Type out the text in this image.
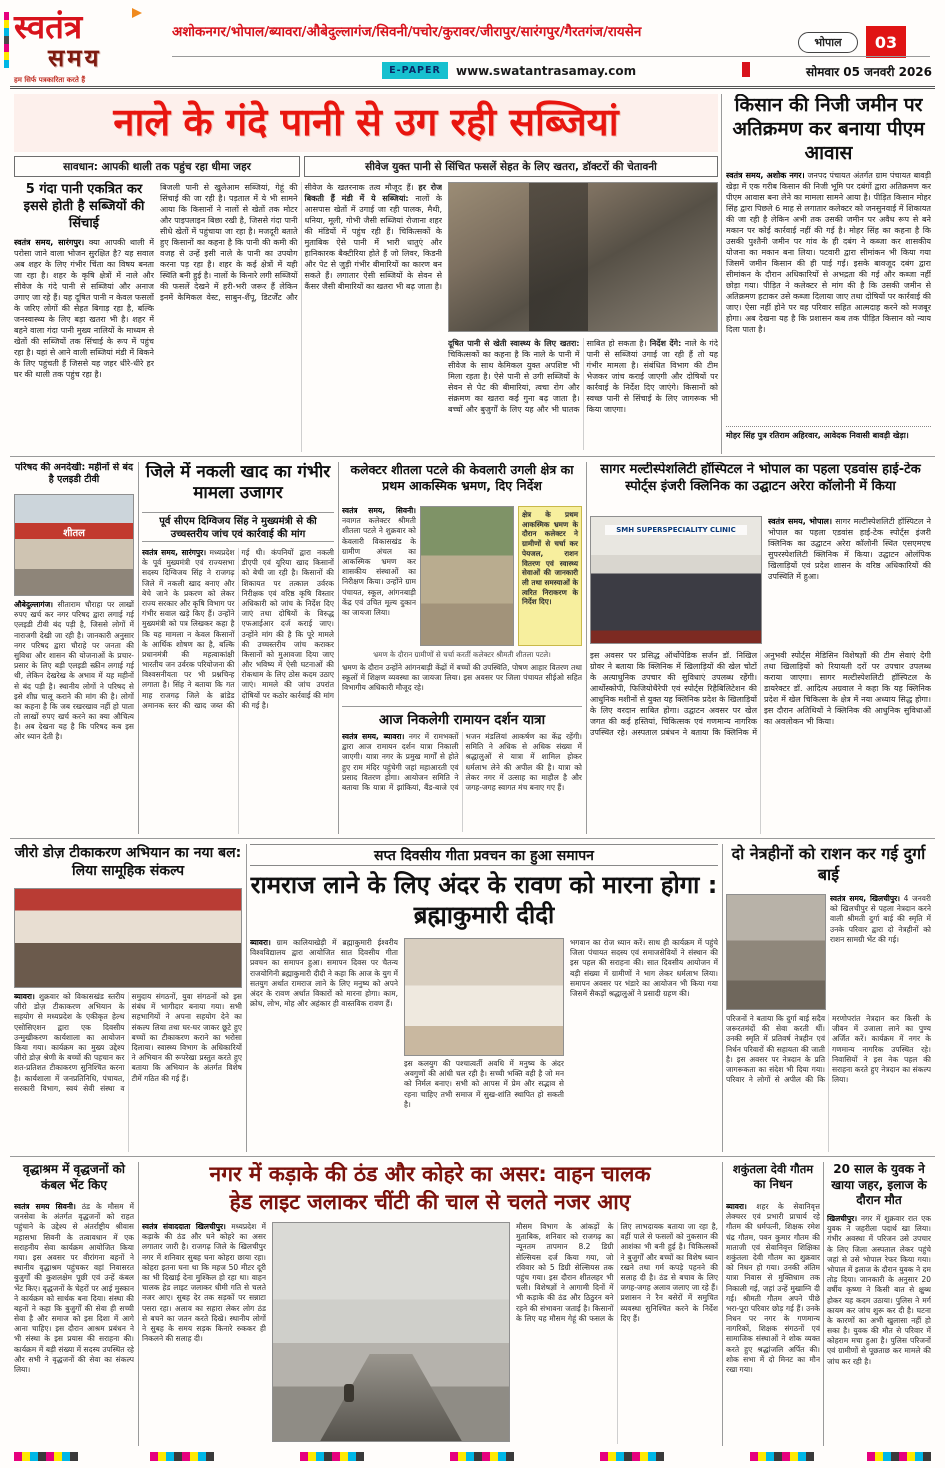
स्वतंत्र
समय
हम सिर्फ पत्रकारिता करते हैं
अशोकनगर/भोपाल/ब्यावरा/औबेदुल्लागंज/सिवनी/पचोर/कुरावर/जीरापुर/सारंगपुर/गैरतगंज/रायसेन
भोपाल	03
E-PAPER	www.swatantrasamay.com	सोमवार 05 जनवरी 2026
नाले के गंदे पानी से उग रही सब्जियां
सावधान: आपकी थाली तक पहुंच रहा धीमा जहर	सीवेज युक्त पानी से सिंचित फसलें सेहत के लिए खतरा, डॉक्टरों की चेतावनी
5 गंदा पानी एकत्रित कर इससे होती है सब्जियों की सिंचाई
स्वतंत्र समय, सारंगपुर। क्या आपकी थाली में परोसा जाने वाला भोजन सुरक्षित है? यह सवाल अब शहर के लिए गंभीर चिंता का विषय बनता जा रहा है। शहर के कृषि क्षेत्रों में नाले और सीवेज के गंदे पानी से सब्जियां और अनाज उगाए जा रहे हैं। यह दूषित पानी न केवल फसलों के जरिए लोगों की सेहत बिगाड़ रहा है, बल्कि जनस्वास्थ्य के लिए बड़ा खतरा भी है। शहर में बहने वाला गंदा पानी मुख्य नालियों के माध्यम से खेतों की सब्जियों तक सिंचाई के रूप में पहुंच रहा है। यहां से आने वाली सब्जियां मंडी में बिकने के लिए पहुंचती हैं जिससे यह जहर धीरे-धीरे हर घर की थाली तक पहुंच रहा है।
बिजली पानी से खुलेआम सब्जियां, गेहूं की सिंचाई की जा रही है। पड़ताल में ये भी सामने आया कि किसानों ने नालों से खेतों तक मोटर और पाइपलाइन बिछा रखी है, जिससे गंदा पानी सीधे खेतों में पहुंचाया जा रहा है। मजदूरी बताते हुए किसानों का कहना है कि पानी की कमी की वजह से उन्हें इसी नाले के पानी का उपयोग करना पड़ रहा है। शहर के कई क्षेत्रों में यही स्थिति बनी हुई है। नालों के किनारे लगी सब्जियों की फसलें देखने में हरी-भरी जरूर हैं लेकिन इनमें केमिकल वेस्ट, साबुन-शैंपू, डिटर्जेंट और सीवेज के खतरनाक तत्व मौजूद हैं। हर रोज बिकती हैं मंडी में ये सब्जियां: नालों के आसपास खेतों में उगाई जा रही पालक, मैथी, धनिया, मूली, गोभी जैसी सब्जियां रोजाना शहर की मंडियों में पहुंच रही हैं। चिकित्सकों के मुताबिक ऐसे पानी में भारी धातुएं और हानिकारक बैक्टीरिया होते हैं जो लिवर, किडनी और पेट से जुड़ी गंभीर बीमारियों का कारण बन सकते हैं। लगातार ऐसी सब्जियों के सेवन से कैंसर जैसी बीमारियों का खतरा भी बढ़ जाता है।
दूषित पानी से खेती स्वास्थ्य के लिए खतरा: चिकित्सकों का कहना है कि नाले के पानी में सीवेज के साथ केमिकल युक्त अपशिष्ट भी मिला रहता है। ऐसे पानी से उगी सब्जियों के सेवन से पेट की बीमारियां, त्वचा रोग और संक्रमण का खतरा कई गुना बढ़ जाता है। बच्चों और बुजुर्गों के लिए यह और भी घातक साबित हो सकता है। निर्देश देंगे: नाले के गंदे पानी से सब्जियां उगाई जा रही हैं तो यह गंभीर मामला है। संबंधित विभाग की टीम भेजकर जांच कराई जाएगी और दोषियों पर कार्रवाई के निर्देश दिए जाएंगे। किसानों को स्वच्छ पानी से सिंचाई के लिए जागरूक भी किया जाएगा।
किसान की निजी जमीन पर अतिक्रमण कर बनाया पीएम आवास
स्वतंत्र समय, अशोक नगर। जनपद पंचायत अंतर्गत ग्राम पंचायत बावड़ी खेड़ा में एक गरीब किसान की निजी भूमि पर दबंगों द्वारा अतिक्रमण कर पीएम आवास बना लेने का मामला सामने आया है। पीड़ित किसान मोहर सिंह द्वारा पिछले 6 माह से लगातार कलेक्टर को जनसुनवाई में शिकायत की जा रही है लेकिन अभी तक उसकी जमीन पर अवैध रूप से बने मकान पर कोई कार्रवाई नहीं की गई है। मोहर सिंह का कहना है कि उसकी पुश्तैनी जमीन पर गांव के ही दबंग ने कब्जा कर शासकीय योजना का मकान बना लिया। पटवारी द्वारा सीमांकन भी किया गया जिसमें जमीन किसान की ही पाई गई। इसके बावजूद दबंग द्वारा सीमांकन के दौरान अधिकारियों से अभद्रता की गई और कब्जा नहीं छोड़ा गया। पीड़ित ने कलेक्टर से मांग की है कि उसकी जमीन से अतिक्रमण हटाकर उसे कब्जा दिलाया जाए तथा दोषियों पर कार्रवाई की जाए। ऐसा नहीं होने पर वह परिवार सहित आत्मदाह करने को मजबूर होगा। अब देखना यह है कि प्रशासन कब तक पीड़ित किसान को न्याय दिला पाता है।
मोहर सिंह पुत्र रतिराम अहिरवार, आवेदक निवासी बावड़ी खेड़ा।
परिषद की अनदेखी: महीनों से बंद है एलइडी टीवी
शीतल
औबेदुल्लागंज। सीताराम चौराहा पर लाखों रुपए खर्च कर नगर परिषद द्वारा लगाई गई एलइडी टीवी बंद पड़ी है, जिससे लोगों में नाराजगी देखी जा रही है। जानकारी अनुसार नगर परिषद द्वारा चौराहे पर जनता की सुविधा और शासन की योजनाओं के प्रचार-प्रसार के लिए बड़ी एलइडी स्क्रीन लगाई गई थी, लेकिन देखरेख के अभाव में यह महीनों से बंद पड़ी है। स्थानीय लोगों ने परिषद से इसे शीघ्र चालू कराने की मांग की है। लोगों का कहना है कि जब रखरखाव नहीं हो पाता तो लाखों रुपए खर्च करने का क्या औचित्य है। अब देखना यह है कि परिषद कब इस ओर ध्यान देती है।
जिले में नकली खाद का गंभीर मामला उजागर
पूर्व सीएम दिग्विजय सिंह ने मुख्यमंत्री से की उच्चस्तरीय जांच एवं कार्रवाई की मांग
स्वतंत्र समय, सारंगपुर। मध्यप्रदेश के पूर्व मुख्यमंत्री एवं राज्यसभा सदस्य दिग्विजय सिंह ने राजगढ़ जिले में नकली खाद बनाए और बेचे जाने के प्रकरण को लेकर राज्य सरकार और कृषि विभाग पर गंभीर सवाल खड़े किए हैं। उन्होंने मुख्यमंत्री को पत्र लिखकर कहा है कि यह मामला न केवल किसानों के आर्थिक शोषण का है, बल्कि प्रधानमंत्री की महत्वाकांक्षी भारतीय जन उर्वरक परियोजना की विश्वसनीयता पर भी प्रश्नचिन्ह लगाता है। सिंह ने बताया कि गत माह राजगढ़ जिले के ब्रांडेड अमानक स्तर की खाद जब्त की गई थी। कंपनियों द्वारा नकली डीएपी एवं यूरिया खाद किसानों को बेची जा रही है। किसानों की शिकायत पर तत्काल उर्वरक निरीक्षक एवं वरिष्ठ कृषि विस्तार अधिकारी को जांच के निर्देश दिए जाएं तथा दोषियों के विरुद्ध एफआईआर दर्ज कराई जाए। उन्होंने मांग की है कि पूरे मामले की उच्चस्तरीय जांच कराकर किसानों को मुआवजा दिया जाए और भविष्य में ऐसी घटनाओं की रोकथाम के लिए ठोस कदम उठाए जाएं। मामले की जांच उपरांत दोषियों पर कठोर कार्रवाई की मांग की गई है।
कलेक्टर शीतला पटले की केवलारी उगली क्षेत्र का प्रथम आकस्मिक भ्रमण, दिए निर्देश
स्वतंत्र समय, सिवनी। नवागत कलेक्टर श्रीमती शीतला पटले ने शुक्रवार को केवलारी विकासखंड के ग्रामीण अंचल का आकस्मिक भ्रमण कर शासकीय संस्थाओं का निरीक्षण किया। उन्होंने ग्राम पंचायत, स्कूल, आंगनबाड़ी केंद्र एवं उचित मूल्य दुकान का जायजा लिया।
क्षेत्र के प्रथम आकस्मिक भ्रमण के दौरान कलेक्टर ने ग्रामीणों से चर्चा कर पेयजल, राशन वितरण एवं स्वास्थ्य सेवाओं की जानकारी ली तथा समस्याओं के त्वरित निराकरण के निर्देश दिए।
भ्रमण के दौरान ग्रामीणों से चर्चा करतीं कलेक्टर श्रीमती शीतला पटले।
भ्रमण के दौरान उन्होंने आंगनबाड़ी केंद्रों में बच्चों की उपस्थिति, पोषण आहार वितरण तथा स्कूलों में शिक्षण व्यवस्था का जायजा लिया। इस अवसर पर जिला पंचायत सीईओ सहित विभागीय अधिकारी मौजूद रहे।
आज निकलेगी रामायन दर्शन यात्रा
स्वतंत्र समय, ब्यावरा। नगर में रामभक्तों द्वारा आज रामायन दर्शन यात्रा निकाली जाएगी। यात्रा नगर के प्रमुख मार्गों से होते हुए राम मंदिर पहुंचेगी जहां महाआरती एवं प्रसाद वितरण होगा। आयोजन समिति ने बताया कि यात्रा में झांकियां, बैंड-बाजे एवं भजन मंडलियां आकर्षण का केंद्र रहेंगी। समिति ने अधिक से अधिक संख्या में श्रद्धालुओं से यात्रा में शामिल होकर धर्मलाभ लेने की अपील की है। यात्रा को लेकर नगर में उत्साह का माहौल है और जगह-जगह स्वागत मंच बनाए गए हैं।
सागर मल्टीस्पेशलिटी हॉस्पिटल ने भोपाल का पहला एडवांस हाई-टेक स्पोर्ट्स इंजरी क्लिनिक का उद्घाटन अरेरा कॉलोनी में किया
SMH SUPERSPECIALITY CLINIC
स्वतंत्र समय, भोपाल। सागर मल्टीस्पेशलिटी हॉस्पिटल ने भोपाल का पहला एडवांस हाई-टेक स्पोर्ट्स इंजरी क्लिनिक का उद्घाटन अरेरा कॉलोनी स्थित एसएमएच सुपरस्पेशलिटी क्लिनिक में किया। उद्घाटन ओलंपिक खिलाड़ियों एवं प्रदेश शासन के वरिष्ठ अधिकारियों की उपस्थिति में हुआ।
इस अवसर पर प्रसिद्ध ऑर्थोपेडिक सर्जन डॉ. निखिल ग्रोवर ने बताया कि क्लिनिक में खिलाड़ियों की खेल चोटों के अत्याधुनिक उपचार की सुविधाएं उपलब्ध रहेंगी। आर्थोस्कोपी, फिजियोथैरेपी एवं स्पोर्ट्स रिहैबिलिटेशन की आधुनिक मशीनों से युक्त यह क्लिनिक प्रदेश के खिलाड़ियों के लिए वरदान साबित होगा। उद्घाटन अवसर पर खेल जगत की कई हस्तियां, चिकित्सक एवं गणमान्य नागरिक उपस्थित रहे। अस्पताल प्रबंधन ने बताया कि क्लिनिक में अनुभवी स्पोर्ट्स मेडिसिन विशेषज्ञों की टीम सेवाएं देगी तथा खिलाड़ियों को रियायती दरों पर उपचार उपलब्ध कराया जाएगा। सागर मल्टीस्पेशलिटी हॉस्पिटल के डायरेक्टर डॉ. आदित्य अग्रवाल ने कहा कि यह क्लिनिक प्रदेश में खेल चिकित्सा के क्षेत्र में नया अध्याय सिद्ध होगा। इस दौरान अतिथियों ने क्लिनिक की आधुनिक सुविधाओं का अवलोकन भी किया।
जीरो डोज़ टीकाकरण अभियान का नया बल: लिया सामूहिक संकल्प
ब्यावरा। शुक्रवार को विकासखंड स्तरीय जीरो डोज़ टीकाकरण अभियान के सहयोग से मध्यप्रदेश के एकीकृत हेल्थ एसोसिएशन द्वारा एक दिवसीय उन्मुखीकरण कार्यशाला का आयोजन किया गया। कार्यक्रम का मुख्य उद्देश्य जीरो डोज़ श्रेणी के बच्चों की पहचान कर शत-प्रतिशत टीकाकरण सुनिश्चित करना है। कार्यशाला में जनप्रतिनिधि, पंचायत, सरकारी विभाग, स्वयं सेवी संस्था व समुदाय संगठनों, युवा संगठनों को इस संबंध में भागीदार बनाया गया। सभी सहभागियों ने अपना सहयोग देने का संकल्प लिया तथा घर-घर जाकर छूटे हुए बच्चों का टीकाकरण कराने का भरोसा दिलाया। स्वास्थ्य विभाग के अधिकारियों ने अभियान की रूपरेखा प्रस्तुत करते हुए बताया कि अभियान के अंतर्गत विशेष टीमें गठित की गई हैं।
सप्त दिवसीय गीता प्रवचन का हुआ समापन
रामराज लाने के लिए अंदर के रावण को मारना होगा : ब्रह्माकुमारी दीदी
ब्यावरा। ग्राम कालियाखेड़ी में ब्रह्माकुमारी ईश्वरीय विश्वविद्यालय द्वारा आयोजित सात दिवसीय गीता प्रवचन का समापन हुआ। समापन दिवस पर चैतन्य राजयोगिनी ब्रह्माकुमारी दीदी ने कहा कि आज के युग में सतयुग अर्थात रामराज लाने के लिए मनुष्य को अपने अंदर के रावण अर्थात विकारों को मारना होगा। काम, क्रोध, लोभ, मोह और अहंकार ही वास्तविक रावण हैं।
इस कलयुग की पश्चात्वर्ती अवधि में मनुष्य के अंदर अवगुणों की आंधी चल रही है। सच्ची भक्ति वही है जो मन को निर्मल बनाए। सभी को आपस में प्रेम और सद्भाव से रहना चाहिए तभी समाज में सुख-शांति स्थापित हो सकती है।
भगवान का रोज ध्यान करें। साथ ही कार्यक्रम में पहुंचे जिला पंचायत सदस्य एवं समाजसेवियों ने संस्थान की इस पहल की सराहना की। सात दिवसीय आयोजन में बड़ी संख्या में ग्रामीणों ने भाग लेकर धर्मलाभ लिया। समापन अवसर पर भंडारे का आयोजन भी किया गया जिसमें सैकड़ों श्रद्धालुओं ने प्रसादी ग्रहण की।
दो नेत्रहीनों को राशन कर गई दुर्गा बाई
स्वतंत्र समय, खिलचीपुर। 4 जनवरी को खिलचीपुर से पहला नेत्रदान करने वाली श्रीमती दुर्गा बाई की स्मृति में उनके परिवार द्वारा दो नेत्रहीनों को राशन सामग्री भेंट की गई।
परिजनों ने बताया कि दुर्गा बाई सदैव जरूरतमंदों की सेवा करती थीं। उनकी स्मृति में प्रतिवर्ष नेत्रहीन एवं निर्धन परिवारों की सहायता की जाती है। इस अवसर पर नेत्रदान के प्रति जागरूकता का संदेश भी दिया गया। परिवार ने लोगों से अपील की कि मरणोपरांत नेत्रदान कर किसी के जीवन में उजाला लाने का पुण्य अर्जित करें। कार्यक्रम में नगर के गणमान्य नागरिक उपस्थित रहे। निवासियों ने इस नेक पहल की सराहना करते हुए नेत्रदान का संकल्प लिया।
वृद्धाश्रम में वृद्धजनों को कंबल भेंट किए
स्वतंत्र समय सिवनी। ठंड के मौसम में जनसेवा के अंतर्गत वृद्धजनों को राहत पहुंचाने के उद्देश्य से अंतर्राष्ट्रीय श्रीवास महासभा सिवनी के तत्वावधान में एक सराहनीय सेवा कार्यक्रम आयोजित किया गया। इस अवसर पर वीरांगना बहनों ने स्थानीय वृद्धाश्रम पहुंचकर वहां निवासरत बुजुर्गों की कुशलक्षेम पूछी एवं उन्हें कंबल भेंट किए। वृद्धजनों के चेहरों पर आई मुस्कान ने कार्यक्रम को सार्थक बना दिया। संस्था की बहनों ने कहा कि बुजुर्गों की सेवा ही सच्ची सेवा है और समाज को इस दिशा में आगे आना चाहिए। इस दौरान आश्रम प्रबंधन ने भी संस्था के इस प्रयास की सराहना की। कार्यक्रम में बड़ी संख्या में सदस्य उपस्थित रहे और सभी ने वृद्धजनों की सेवा का संकल्प लिया।
नगर में कड़ाके की ठंड और कोहरे का असर: वाहन चालक
हेड लाइट जलाकर चींटी की चाल से चलते नजर आए
स्वतंत्र संवाददाता खिलचीपुर। मध्यप्रदेश में कड़ाके की ठंड और घने कोहरे का असर लगातार जारी है। राजगढ़ जिले के खिलचीपुर नगर में शनिवार सुबह घना कोहरा छाया रहा। कोहरा इतना घना था कि महज 50 मीटर दूरी का भी दिखाई देना मुश्किल हो रहा था। वाहन चालक हेड लाइट जलाकर धीमी गति से चलते नजर आए। सुबह देर तक सड़कों पर सन्नाटा पसरा रहा। अलाव का सहारा लेकर लोग ठंड से बचने का जतन करते दिखे। स्थानीय लोगों ने सुबह के समय सड़क किनारे रुककर ही निकलने की सलाह दी।
मौसम विभाग के आंकड़ों के मुताबिक, शनिवार को राजगढ़ का न्यूनतम तापमान 8.2 डिग्री सेल्सियस दर्ज किया गया, जो रविवार को 5 डिग्री सेल्सियस तक पहुंच गया। इस दौरान शीतलहर भी चली। विशेषज्ञों ने आगामी दिनों में भी कड़ाके की ठंड और ठिठुरन बने रहने की संभावना जताई है। किसानों के लिए यह मौसम गेहूं की फसल के लिए लाभदायक बताया जा रहा है, वहीं पाले से फसलों को नुकसान की आशंका भी बनी हुई है। चिकित्सकों ने बुजुर्गों और बच्चों का विशेष ध्यान रखने तथा गर्म कपड़े पहनने की सलाह दी है। ठंड से बचाव के लिए जगह-जगह अलाव जलाए जा रहे हैं। प्रशासन ने रैन बसेरों में समुचित व्यवस्था सुनिश्चित करने के निर्देश दिए हैं।
शकुंतला देवी गौतम का निधन
ब्यावरा। शहर के सेवानिवृत्त लेक्चरर एवं प्रभारी प्राचार्य रहे गौतम की धर्मपत्नी, शिक्षक रमेश चंद्र गौतम, पवन कुमार गौतम की माताजी एवं सेवानिवृत्त शिक्षिका शकुंतला देवी गौतम का शुक्रवार को निधन हो गया। उनकी अंतिम यात्रा निवास से मुक्तिधाम तक निकाली गई, जहां उन्हें मुखाग्नि दी गई। श्रीमती गौतम अपने पीछे भरा-पूरा परिवार छोड़ गई हैं। उनके निधन पर नगर के गणमान्य नागरिकों, शिक्षक संगठनों एवं सामाजिक संस्थाओं ने शोक व्यक्त करते हुए श्रद्धांजलि अर्पित की। शोक सभा में दो मिनट का मौन रखा गया।
20 साल के युवक ने खाया जहर, इलाज के दौरान मौत
खिलचीपुर। नगर में शुक्रवार रात एक युवक ने जहरीला पदार्थ खा लिया। गंभीर अवस्था में परिजन उसे उपचार के लिए जिला अस्पताल लेकर पहुंचे जहां से उसे भोपाल रेफर किया गया। भोपाल में इलाज के दौरान युवक ने दम तोड़ दिया। जानकारी के अनुसार 20 वर्षीय कृष्णा ने किसी बात से क्षुब्ध होकर यह कदम उठाया। पुलिस ने मर्ग कायम कर जांच शुरू कर दी है। घटना के कारणों का अभी खुलासा नहीं हो सका है। युवक की मौत से परिवार में कोहराम मचा हुआ है। पुलिस परिजनों एवं ग्रामीणों से पूछताछ कर मामले की जांच कर रही है।
